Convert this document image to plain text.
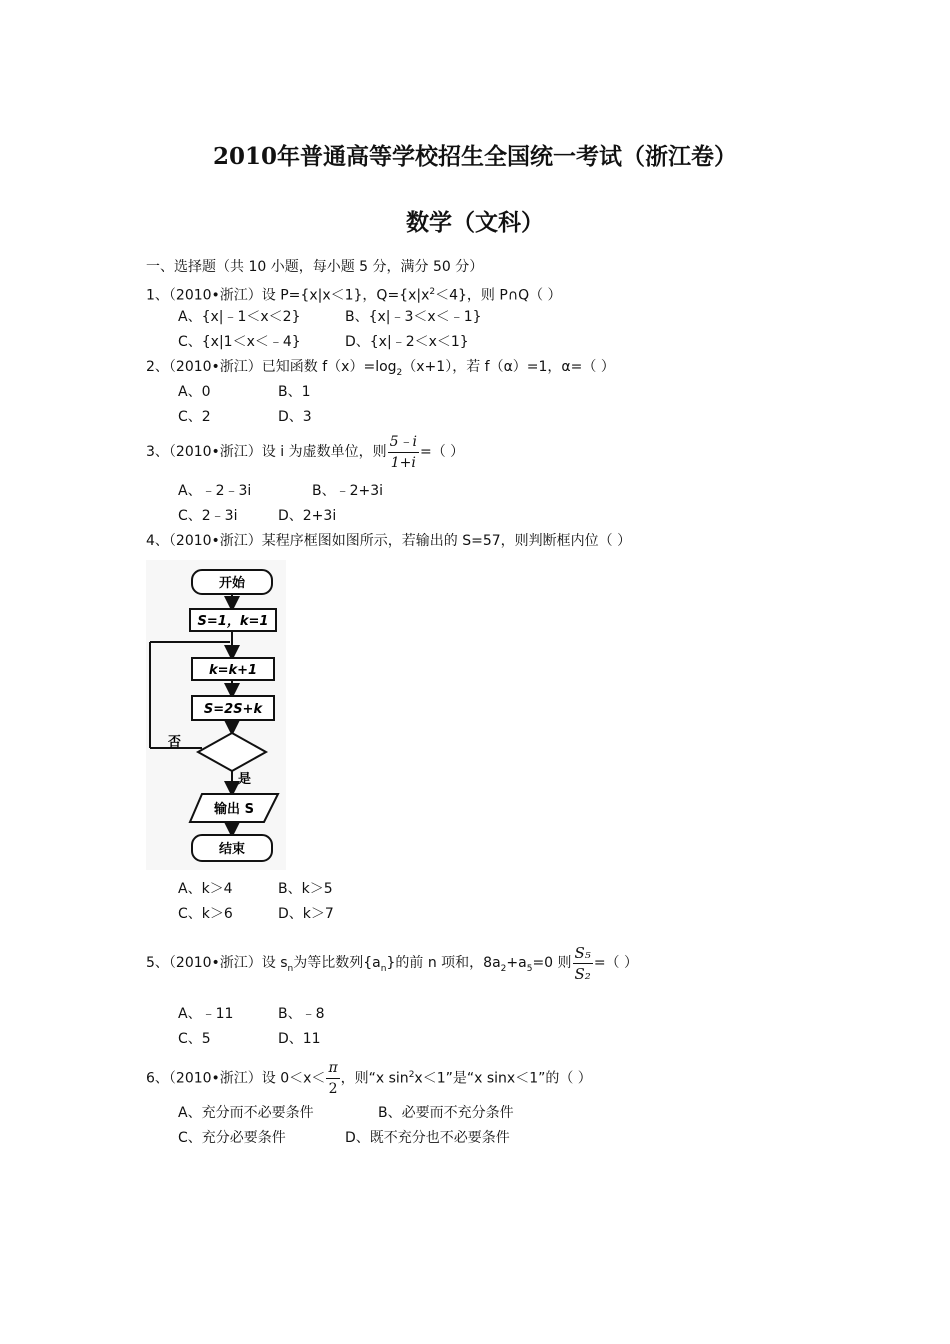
2010年普通高等学校招生全国统一考试（浙江卷）
数学（文科）
一、选择题（共 10 小题，每小题 5 分，满分 50 分）
1、（2010•浙江）设 P={x|x＜1}，$Q=\{x|x^2<4\}$，则 P∩Q（ ）
A、{x|﹣1＜x＜2}	B、{x|﹣3＜x＜﹣1}
C、{x|1＜x＜﹣4}	D、{x|﹣2＜x＜1}
2、（2010•浙江）已知函数 $f(x)=\log_2(x+1)$，若 f（α）=1，α=（ ）
A、0	B、1
C、2	D、3
3、（2010•浙江）设 i 为虚数单位，则 $\frac{5﹣i}{1+i}$ =（ ）
A、﹣2﹣3i	B、﹣2+3i
C、2﹣3i	D、2+3i
4、（2010•浙江）某程序框图如图所示，若输出的 S=57，则判断框内位（ ）
开始
S=1，k=1
k=k+1
S=2S+k
否
是
输出 S
结束
A、k＞4	B、k＞5
C、k＞6	D、k＞7
5、（2010•浙江）设 $s_n$为等比数列$\{a_n\}$的前 n 项和，$8a_2+a_5=0$ 则 $\frac{\text{S₅}}{\text{S₂}}$ =（ ）
A、﹣11	B、﹣8
C、5	D、11
6、（2010•浙江）设 $0<x< \frac{\pi}{2}$ ，则“x $\sin^2x<1$”是“x sinx＜1”的（ ）
A、充分而不必要条件	B、必要而不充分条件
C、充分必要条件	D、既不充分也不必要条件
